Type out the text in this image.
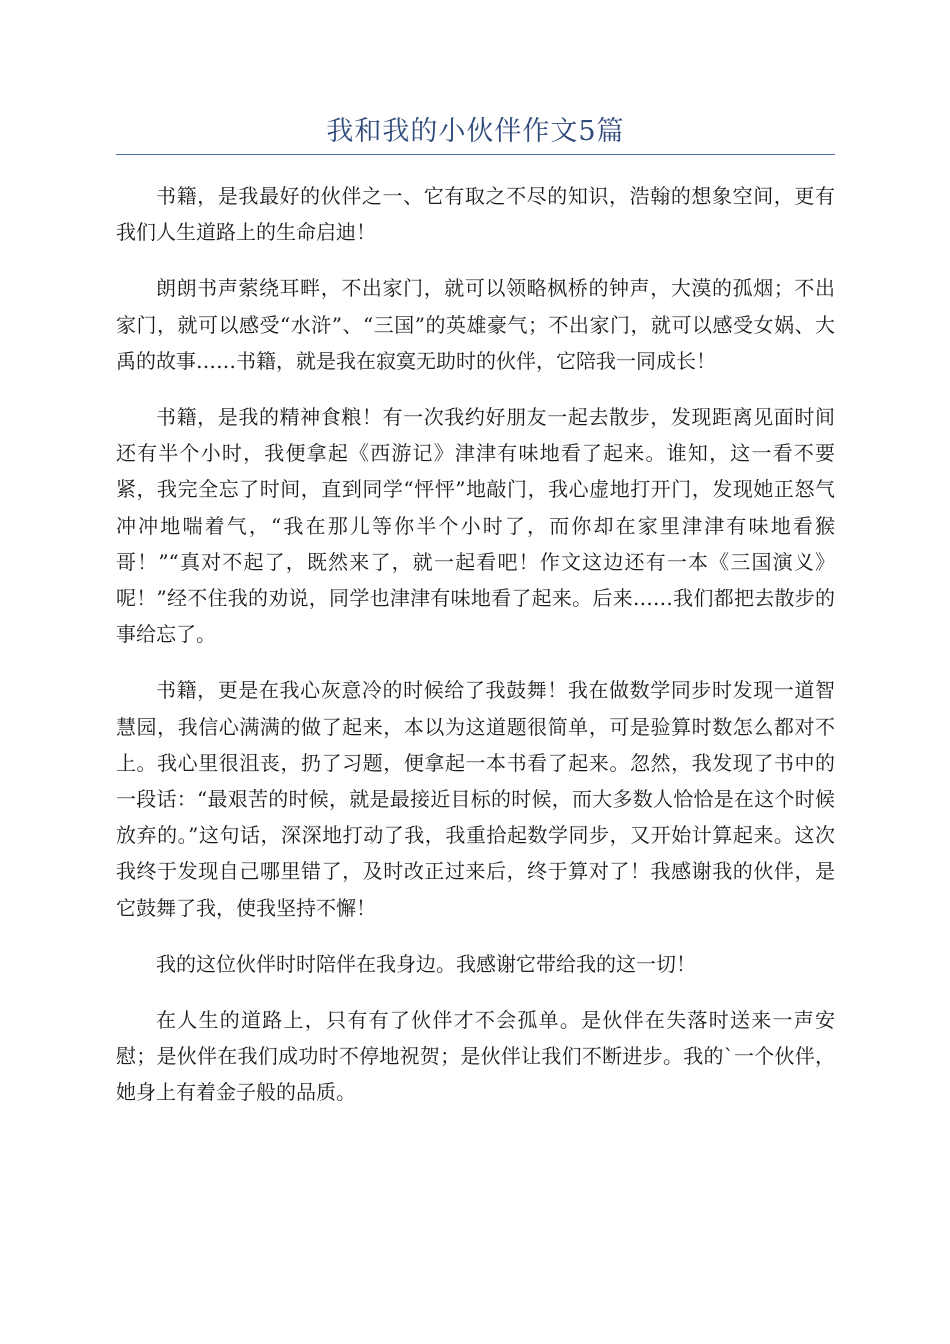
我和我的小伙伴作文5篇

书籍，是我最好的伙伴之一、它有取之不尽的知识，浩翰的想象空间，更有我们人生道路上的生命启迪！

朗朗书声萦绕耳畔，不出家门，就可以领略枫桥的钟声，大漠的孤烟；不出家门，就可以感受“水浒”、“三国”的英雄豪气；不出家门，就可以感受女娲、大禹的故事……书籍，就是我在寂寞无助时的伙伴，它陪我一同成长！

书籍，是我的精神食粮！有一次我约好朋友一起去散步，发现距离见面时间还有半个小时，我便拿起《西游记》津津有味地看了起来。谁知，这一看不要紧，我完全忘了时间，直到同学“怦怦”地敲门，我心虚地打开门，发现她正怒气冲冲地喘着气，“我在那儿等你半个小时了，而你却在家里津津有味地看猴哥！”“真对不起了，既然来了，就一起看吧！作文这边还有一本《三国演义》呢！”经不住我的劝说，同学也津津有味地看了起来。后来……我们都把去散步的事给忘了。

书籍，更是在我心灰意冷的时候给了我鼓舞！我在做数学同步时发现一道智慧园，我信心满满的做了起来，本以为这道题很简单，可是验算时数怎么都对不上。我心里很沮丧，扔了习题，便拿起一本书看了起来。忽然，我发现了书中的一段话：“最艰苦的时候，就是最接近目标的时候，而大多数人恰恰是在这个时候放弃的。”这句话，深深地打动了我，我重拾起数学同步，又开始计算起来。这次我终于发现自己哪里错了，及时改正过来后，终于算对了！我感谢我的伙伴，是它鼓舞了我，使我坚持不懈！

我的这位伙伴时时陪伴在我身边。我感谢它带给我的这一切！

在人生的道路上，只有有了伙伴才不会孤单。是伙伴在失落时送来一声安慰；是伙伴在我们成功时不停地祝贺；是伙伴让我们不断进步。我的`一个伙伴，她身上有着金子般的品质。
